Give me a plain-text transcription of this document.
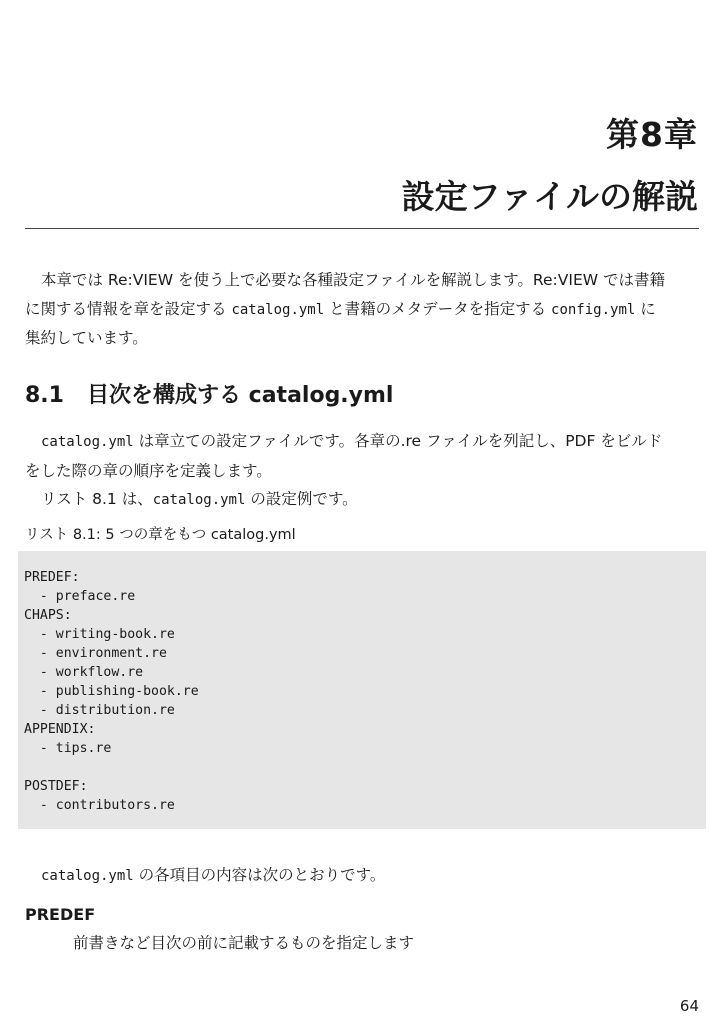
第8章
設定ファイルの解説
本章では Re:VIEW を使う上で必要な各種設定ファイルを解説します。Re:VIEW では書籍
に関する情報を章を設定する catalog.yml と書籍のメタデータを指定する config.yml に
集約しています。
8.1 目次を構成する catalog.yml
catalog.yml は章立ての設定ファイルです。各章の.re ファイルを列記し、PDF をビルド
をした際の章の順序を定義します。
リスト 8.1 は、catalog.yml の設定例です。
リスト 8.1: 5 つの章をもつ catalog.yml
PREDEF:
- preface.re
CHAPS:
- writing-book.re
- environment.re
- workflow.re
- publishing-book.re
- distribution.re
APPENDIX:
- tips.re
POSTDEF:
- contributors.re
catalog.yml の各項目の内容は次のとおりです。
PREDEF
前書きなど目次の前に記載するものを指定します
64
